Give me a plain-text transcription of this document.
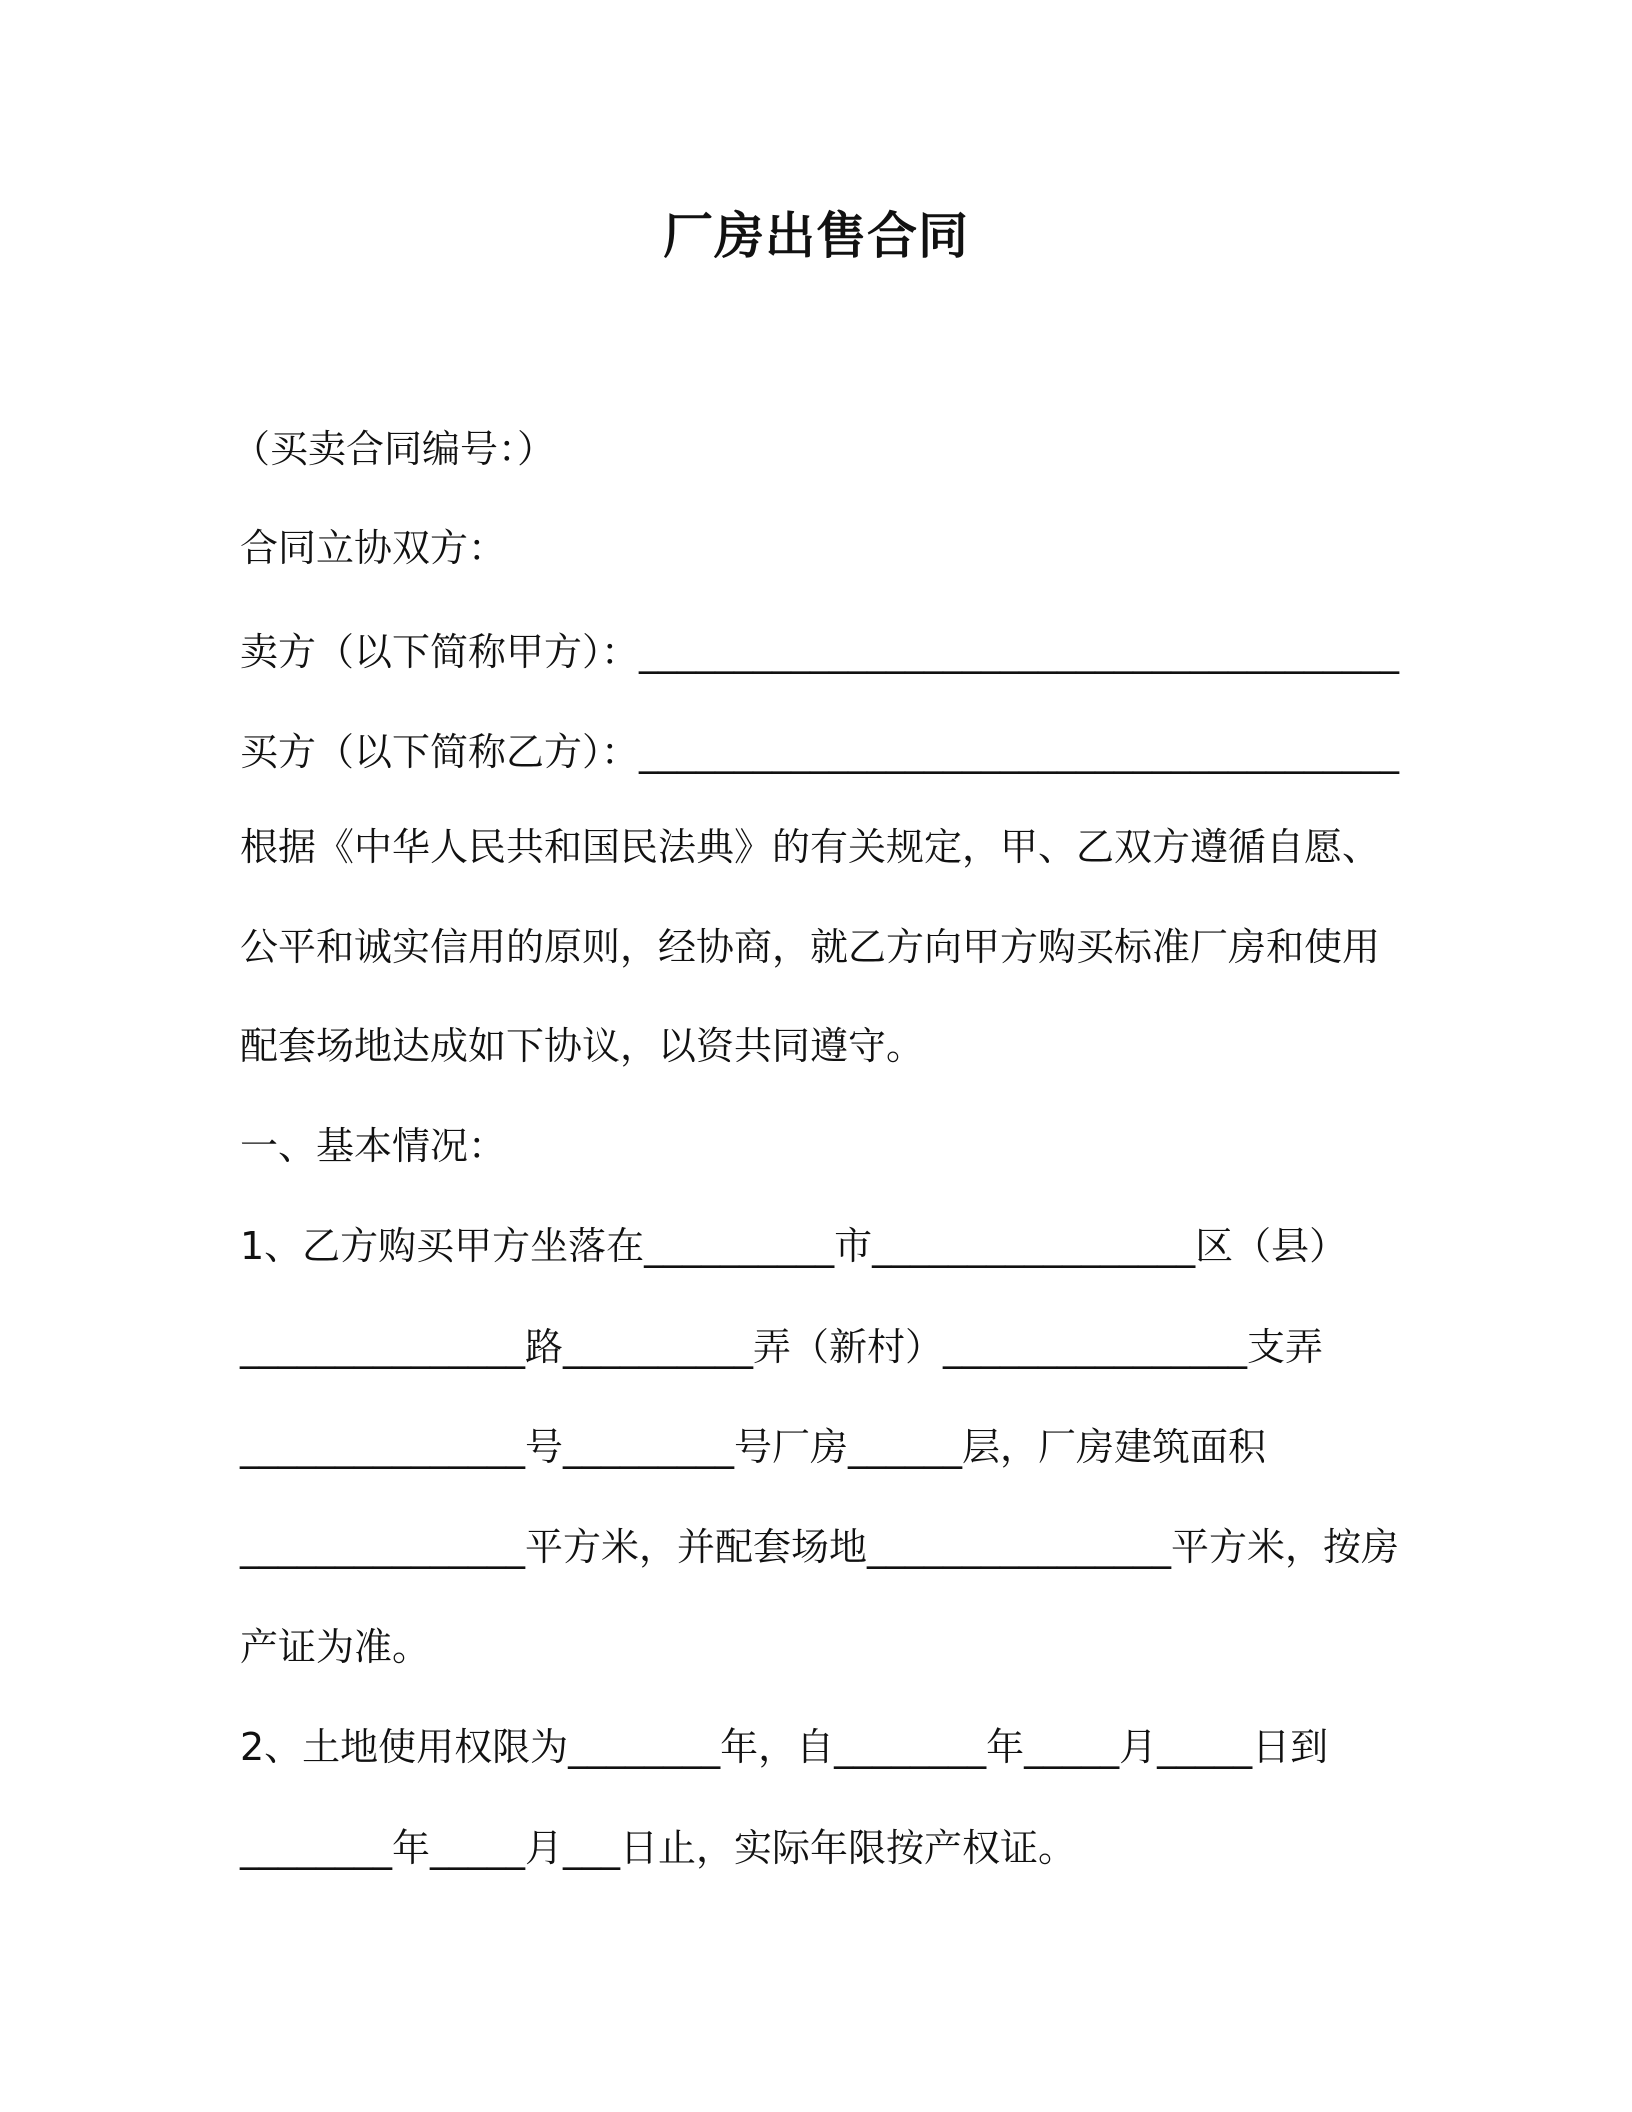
厂房出售合同

（买卖合同编号：）

合同立协双方：

卖方（以下简称甲方）：________________________________________

买方（以下简称乙方）：________________________________________

根据《中华人民共和国民法典》的有关规定，甲、乙双方遵循自愿、

公平和诚实信用的原则，经协商，就乙方向甲方购买标准厂房和使用

配套场地达成如下协议，以资共同遵守。

一、基本情况：

1、乙方购买甲方坐落在__________市_________________区（县）

_______________路__________弄（新村）________________支弄

_______________号_________号厂房______层，厂房建筑面积

_______________平方米，并配套场地________________平方米，按房

产证为准。

2、土地使用权限为________年，自________年_____月_____日到

________年_____月___日止，实际年限按产权证。
